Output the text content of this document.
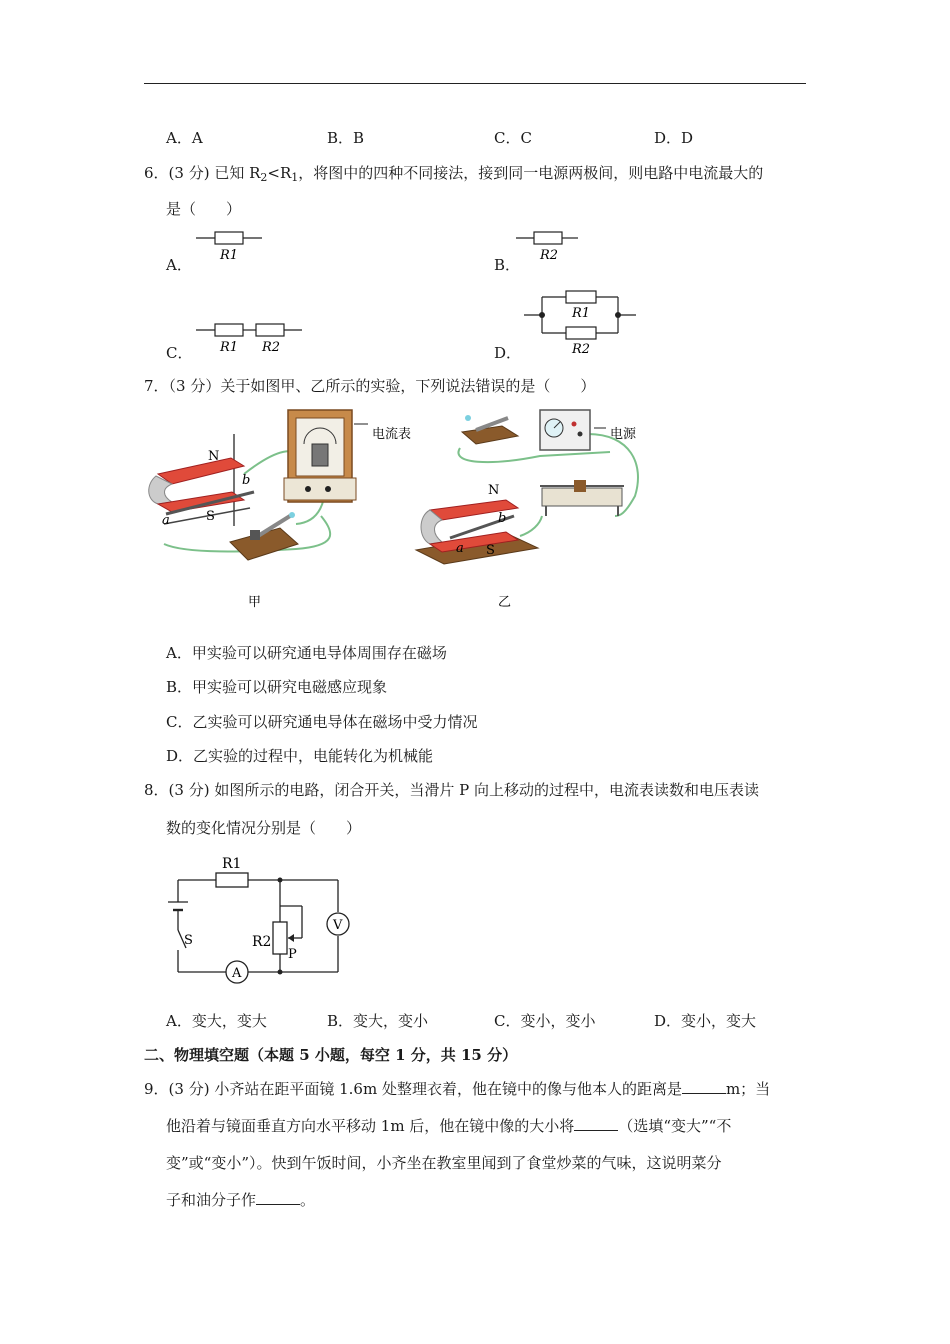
A．A	B．B	C．C	D．D
6．(3 分) 已知 $R_2<R_1$，将图中的四种不同接法，接到同一电源两极间，则电路中电流最大的
是（　　）
A．
R1
B．
R2
C． R1 R2	D．
R1
R2
7．（3 分）关于如图甲、乙所示的实验，下列说法错误的是（　　）
N
S
a
b
电流表
甲
电源
N
S
a
b
乙
A．甲实验可以研究通电导体周围存在磁场
B．甲实验可以研究电磁感应现象
C．乙实验可以研究通电导体在磁场中受力情况
D．乙实验的过程中，电能转化为机械能
8．(3 分) 如图所示的电路，闭合开关，当滑片 P 向上移动的过程中，电流表读数和电压表读
数的变化情况分别是（　　）
R1
S
A
R2
P
V
A．变大，变大	B．变大，变小	C．变小，变小	D．变小，变大
二、物理填空题（本题 5 小题，每空 1 分，共 15 分）
9．(3 分) 小齐站在距平面镜 1.6m 处整理衣着，他在镜中的像与他本人的距离是	m；当
他沿着与镜面垂直方向水平移动 1m 后，他在镜中像的大小将	（选填“变大”“不
变”或“变小”）。快到午饭时间，小齐坐在教室里闻到了食堂炒菜的气味，这说明菜分
子和油分子作	。
